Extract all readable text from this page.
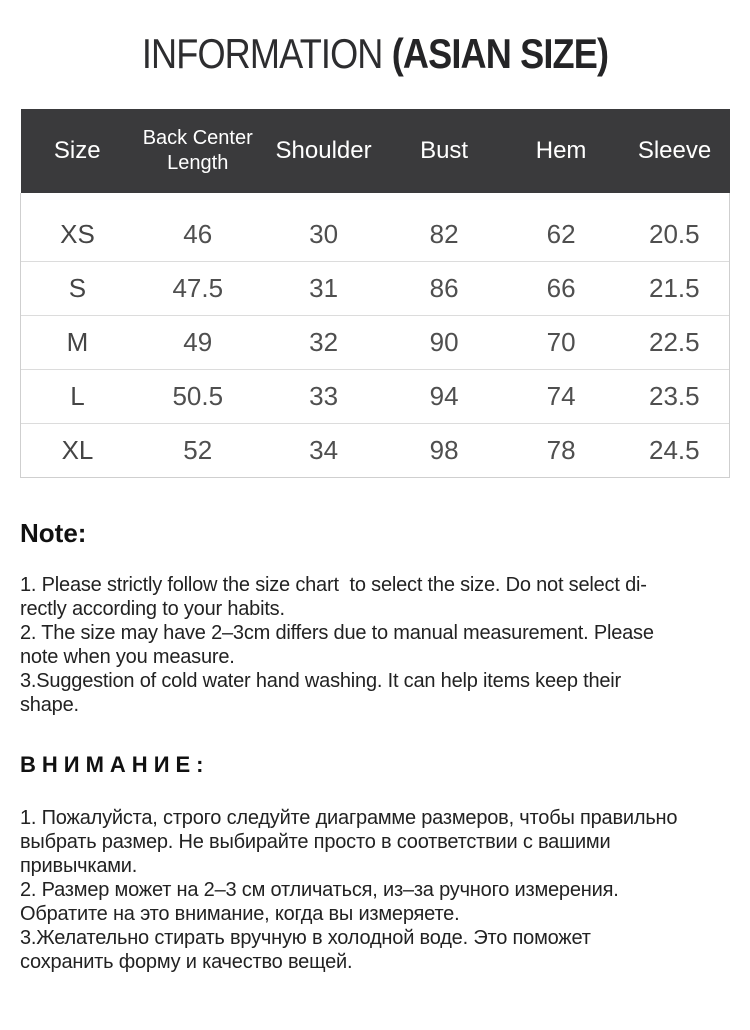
INFORMATION (ASIAN SIZE)
Size	Back Center Length	Shoulder	Bust	Hem	Sleeve
XS	46	30	82	62	20.5
S	47.5	31	86	66	21.5
M	49	32	90	70	22.5
L	50.5	33	94	74	23.5
XL	52	34	98	78	24.5
Note:
1. Please strictly follow the size chart  to select the size. Do not select di-
rectly according to your habits.
2. The size may have 2–3cm differs due to manual measurement. Please
note when you measure.
3.Suggestion of cold water hand washing. It can help items keep their
shape.
ВНИМАНИЕ:
1. Пожалуйста, строго следуйте диаграмме размеров, чтобы правильно
выбрать размер. Не выбирайте просто в соответствии с вашими
привычками.
2. Размер может на 2–3 см отличаться, из–за ручного измерения.
Обратите на это внимание, когда вы измеряете.
3.Желательно стирать вручную в холодной воде. Это поможет
сохранить форму и качество вещей.
